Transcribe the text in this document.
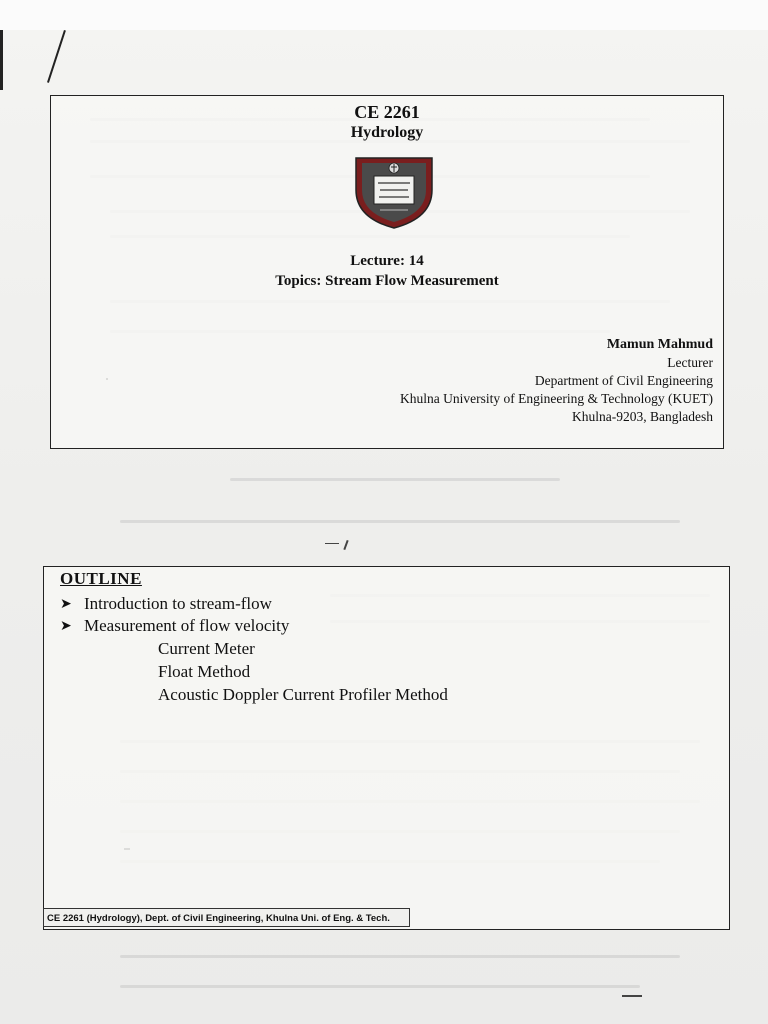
CE 2261
Hydrology
Lecture: 14
Topics: Stream Flow Measurement
Mamun Mahmud
Lecturer
Department of Civil Engineering
Khulna University of Engineering & Technology (KUET)
Khulna-9203, Bangladesh
OUTLINE
➤ Introduction to stream-flow
➤ Measurement of flow velocity
Current Meter
Float Method
Acoustic Doppler Current Profiler Method
CE 2261 (Hydrology), Dept. of Civil Engineering, Khulna Uni. of Eng. & Tech.
